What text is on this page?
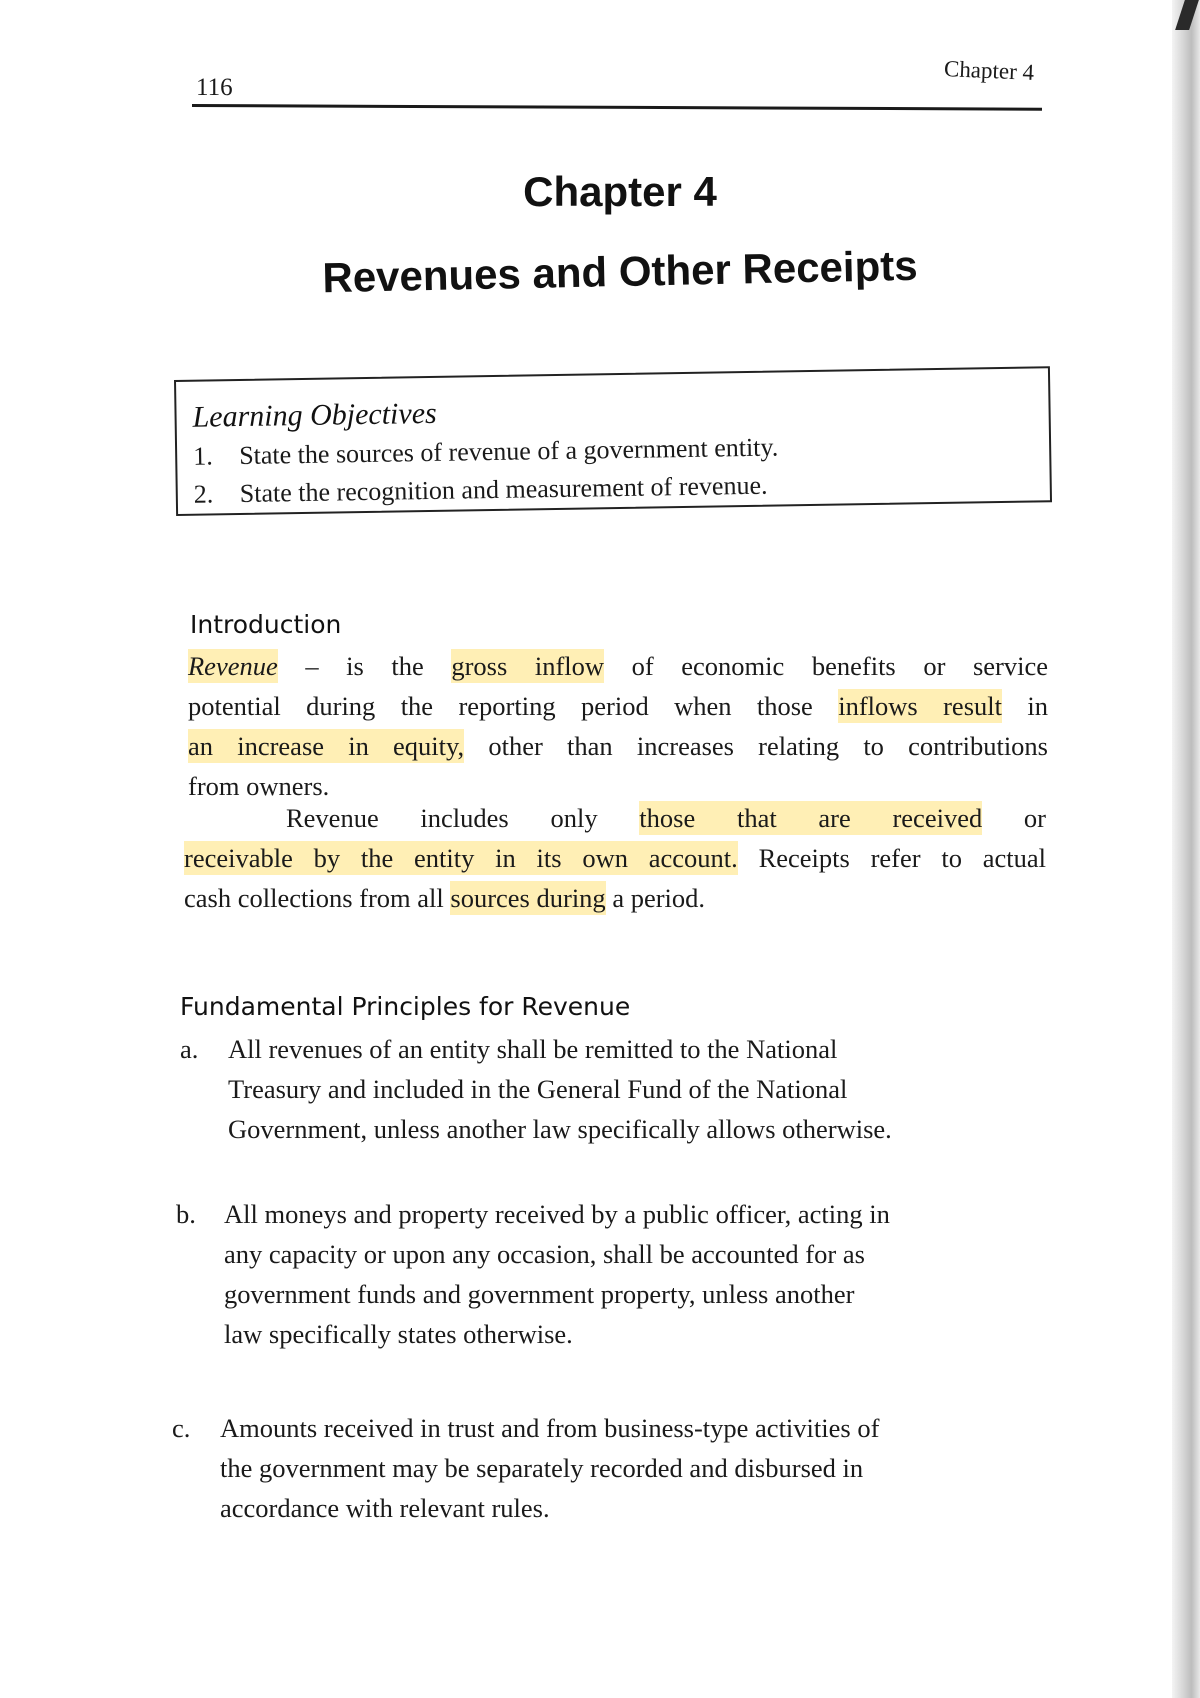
116
Chapter 4
Chapter 4
Revenues and Other Receipts
Learning Objectives
1.	State the sources of revenue of a government entity.
2.	State the recognition and measurement of revenue.
Introduction
Revenue – is the gross inflow of economic benefits or service
potential during the reporting period when those inflows result in
an increase in equity, other than increases relating to contributions
from owners.
Revenue includes only those that are received or
receivable by the entity in its own account. Receipts refer to actual
cash collections from all sources during a period.
Fundamental Principles for Revenue
a. All revenues of an entity shall be remitted to the National
Treasury and included in the General Fund of the National
Government, unless another law specifically allows otherwise.
b. All moneys and property received by a public officer, acting in
any capacity or upon any occasion, shall be accounted for as
government funds and government property, unless another
law specifically states otherwise.
c. Amounts received in trust and from business-type activities of
the government may be separately recorded and disbursed in
accordance with relevant rules.
